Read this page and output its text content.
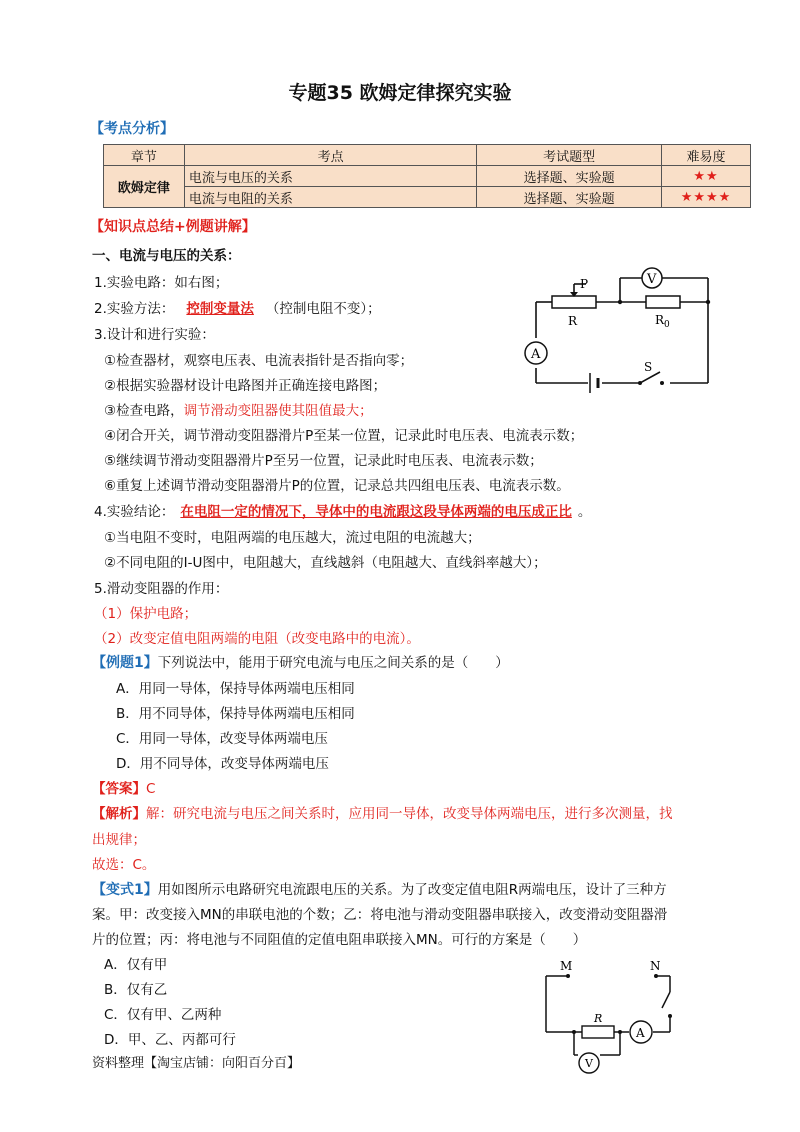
专题35 欧姆定律探究实验
【考点分析】
章节	考点	考试题型	难易度
欧姆定律	电流与电压的关系	选择题、实验题	★★
	电流与电阻的关系	选择题、实验题	★★★★
【知识点总结+例题讲解】
一、电流与电压的关系：
1.实验电路：如右图；
2.实验方法： 控制变量法 （控制电阻不变）；
3.设计和进行实验：
①检查器材，观察电压表、电流表指针是否指向零；
②根据实验器材设计电路图并正确连接电路图；
③检查电路，调节滑动变阻器使其阻值最大；
④闭合开关，调节滑动变阻器滑片P至某一位置，记录此时电压表、电流表示数；
⑤继续调节滑动变阻器滑片P至另一位置，记录此时电压表、电流表示数；
⑥重复上述调节滑动变阻器滑片P的位置，记录总共四组电压表、电流表示数。
4.实验结论： 在电阻一定的情况下，导体中的电流跟这段导体两端的电压成正比 。
①当电阻不变时，电阻两端的电压越大，流过电阻的电流越大；
②不同电阻的I-U图中，电阻越大，直线越斜（电阻越大、直线斜率越大）；
5.滑动变阻器的作用：
（1）保护电路；
（2）改变定值电阻两端的电阻（改变电路中的电流）。
【例题1】下列说法中，能用于研究电流与电压之间关系的是（　　）
A．用同一导体，保持导体两端电压相同
B．用不同导体，保持导体两端电压相同
C．用同一导体，改变导体两端电压
D．用不同导体，改变导体两端电压
【答案】C
【解析】解：研究电流与电压之间关系时，应用同一导体，改变导体两端电压，进行多次测量，找
出规律；
故选：C。
【变式1】用如图所示电路研究电流跟电压的关系。为了改变定值电阻R两端电压，设计了三种方
案。甲：改变接入MN的串联电池的个数；乙：将电池与滑动变阻器串联接入，改变滑动变阻器滑
片的位置；丙：将电池与不同阻值的定值电阻串联接入MN。可行的方案是（　　）
A．仅有甲
B．仅有乙
C．仅有甲、乙两种
D．甲、乙、丙都可行
资料整理【淘宝店铺：向阳百分百】
V
A
P
R	$R_0$
S
M	N
R
A
V
